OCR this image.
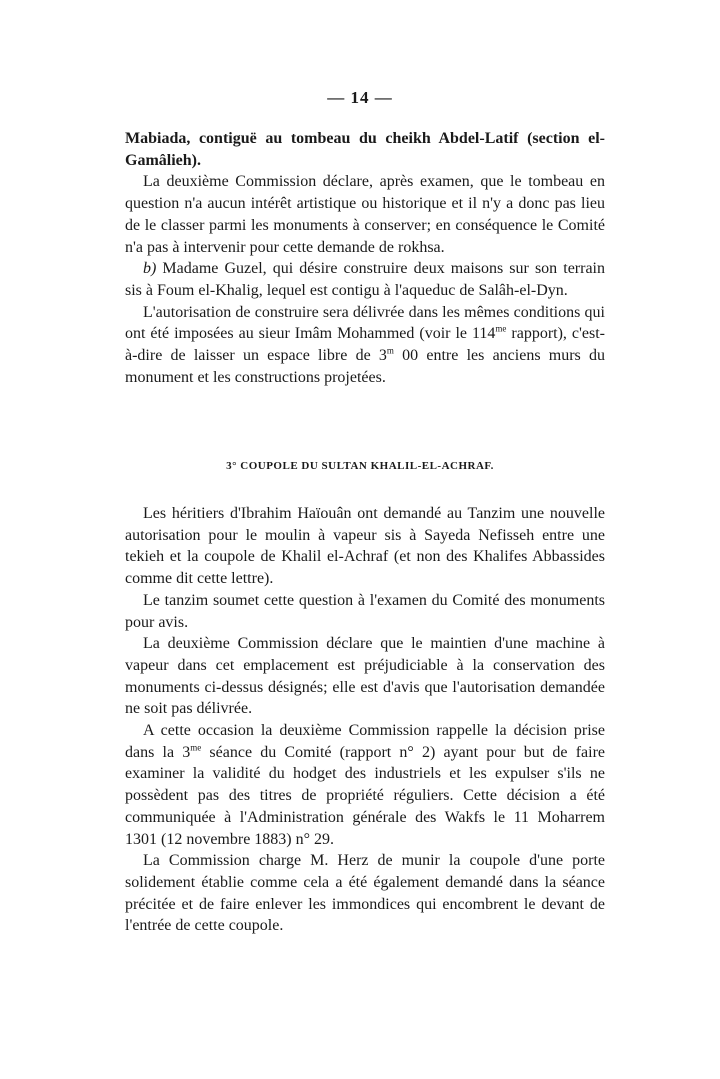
— 14 —

Mabiada, contiguë au tombeau du cheikh Abdel-Latif (section el-Gamâlieh).

La deuxième Commission déclare, après examen, que le tombeau en question n'a aucun intérêt artistique ou historique et il n'y a donc pas lieu de le classer parmi les monuments à conserver; en conséquence le Comité n'a pas à intervenir pour cette demande de rokhsa.

b) Madame Guzel, qui désire construire deux maisons sur son terrain sis à Foum el-Khalig, lequel est contigu à l'aqueduc de Salâh-el-Dyn.

L'autorisation de construire sera délivrée dans les mêmes conditions qui ont été imposées au sieur Imâm Mohammed (voir le $114^{me}$ rapport), c'est-à-dire de laisser un espace libre de 3$^m$ 00 entre les anciens murs du monument et les constructions projetées.

3° COUPOLE DU SULTAN KHALIL-EL-ACHRAF.

Les héritiers d'Ibrahim Haïouân ont demandé au Tanzim une nouvelle autorisation pour le moulin à vapeur sis à Sayeda Nefisseh entre une tekieh et la coupole de Khalil el-Achraf (et non des Khalifes Abbassides comme dit cette lettre).

Le tanzim soumet cette question à l'examen du Comité des monuments pour avis.

La deuxième Commission déclare que le maintien d'une machine à vapeur dans cet emplacement est préjudiciable à la conservation des monuments ci-dessus désignés; elle est d'avis que l'autorisation demandée ne soit pas délivrée.

A cette occasion la deuxième Commission rappelle la décision prise dans la $3^{me}$ séance du Comité (rapport n° 2) ayant pour but de faire examiner la validité du hodget des industriels et les expulser s'ils ne possèdent pas des titres de propriété réguliers. Cette décision a été communiquée à l'Administration générale des Wakfs le 11 Moharrem 1301 (12 novembre 1883) n° 29.

La Commission charge M. Herz de munir la coupole d'une porte solidement établie comme cela a été également demandé dans la séance précitée et de faire enlever les immondices qui encombrent le devant de l'entrée de cette coupole.
